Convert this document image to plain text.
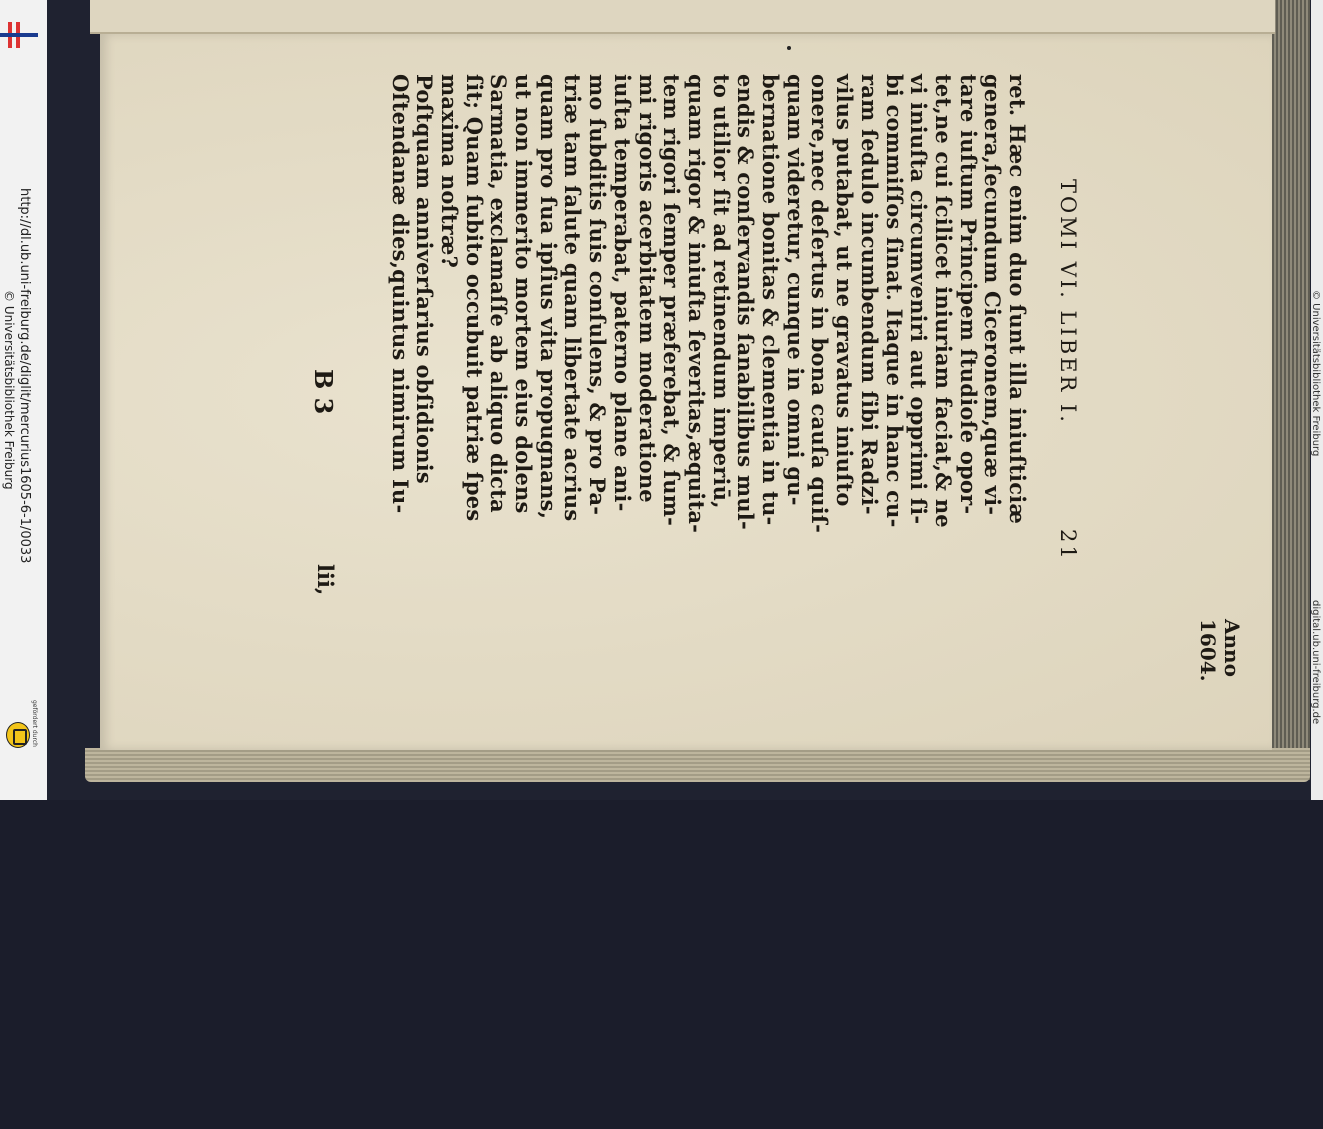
© Universitätsbibliothek Freiburg http://dl.ub.uni-freiburg.de/diglit/mercurius1605-6-1/0033
gefördert durch
TOMI VI. LIBER I.
ret. Hæc enim duo ſunt illa iniuſticiæ
genera,ſecundum Ciceronem,quæ vi-
tare iuſtum Principem ſtudioſe opor-
tet,ne cui ſcilicet iniuriam faciat,& ne
vi iniuſta circumveniri aut opprimi ſi-
bi commiſſos ſinat. Itaque in hanc cu-
ram ſedulo incumbendum ſibi Radzi-
vilus putabat, ut ne gravatus iniuſto
onere,nec deſertus in bona cauſa quiſ-
quam videretur, cunque in omni gu-
bernatione bonitas & clementia in tu-
endis & conſervandis ſanabilibus mul-
to utilior ſit ad retinendum imperiū,
quam rigor & iniuſta ſeveritas,æquita-
tem rigori ſemper præferebat, & ſum-
mi rigoris acerbitatem moderatione
iuſta temperabat, paterno plane ani-
mo ſubditis ſuis conſulens, & pro Pa-
triæ tam ſalute quam libertate acrius
quam pro ſua ipſius vita propugnans,
ut non immerito mortem eius dolens
Sarmatia, exclamaſſe ab aliquo dicta
ſit; Quam ſubito occubuit patriæ ſpes
maxima noſtræ?
Poſtquam anniverſarius obſidionis
Oſtendanæ dies,quintus nimirum Iu-
21
B 3
lii,
Anno
1604.
© Universitätsbibliothek Freiburg
digital.ub.uni-freiburg.de
